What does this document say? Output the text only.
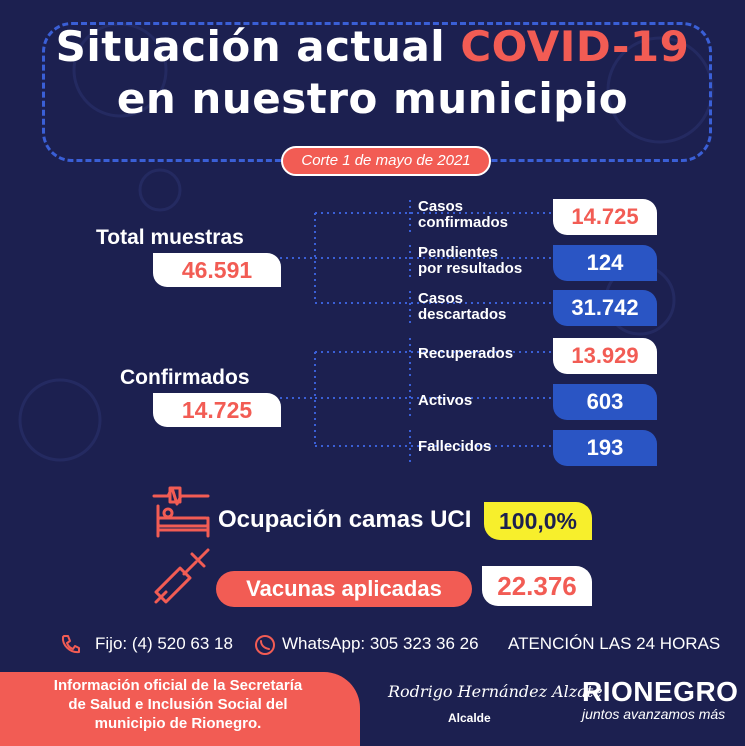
Situación actual COVID-19
en nuestro municipio
Corte 1 de mayo de 2021
Total muestras
46.591
Casos
confirmados	14.725
Pendientes
por resultados	124
Casos
descartados	31.742
Confirmados
14.725
Recuperados	13.929
Activos	603
Fallecidos	193
Ocupación camas UCI	100,0%
Vacunas aplicadas	22.376
Fijo: (4) 520 63 18	WhatsApp: 305 323 36 26 ATENCIÓN LAS 24 HORAS
Información oficial de la Secretaría
de Salud e Inclusión Social del
municipio de Rionegro.
Rodrigo Hernández Alzate
Alcalde
RIONEGRO
juntos avanzamos más
